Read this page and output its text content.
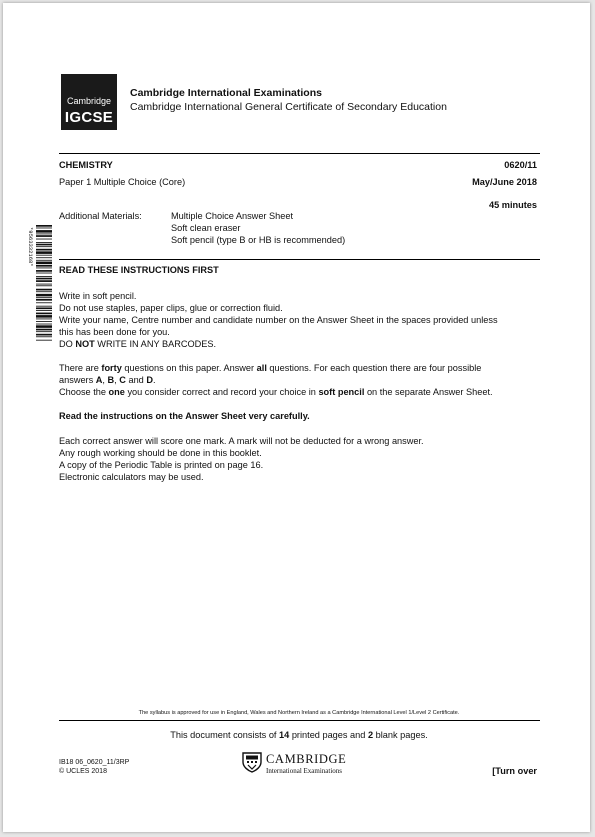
Cambridge
IGCSE
Cambridge International Examinations
Cambridge International General Certificate of Secondary Education
CHEMISTRY	0620/11
Paper 1 Multiple Choice (Core)	May/June 2018
45 minutes
Additional Materials:	Multiple Choice Answer Sheet
Soft clean eraser
Soft pencil (type B or HB is recommended)
*9563332168*
READ THESE INSTRUCTIONS FIRST
Write in soft pencil.
Do not use staples, paper clips, glue or correction fluid.
Write your name, Centre number and candidate number on the Answer Sheet in the spaces provided unless
this has been done for you.
DO NOT WRITE IN ANY BARCODES.
There are forty questions on this paper. Answer all questions. For each question there are four possible
answers A, B, C and D.
Choose the one you consider correct and record your choice in soft pencil on the separate Answer Sheet.
Read the instructions on the Answer Sheet very carefully.
Each correct answer will score one mark. A mark will not be deducted for a wrong answer.
Any rough working should be done in this booklet.
A copy of the Periodic Table is printed on page 16.
Electronic calculators may be used.
The syllabus is approved for use in England, Wales and Northern Ireland as a Cambridge International Level 1/Level 2 Certificate.
This document consists of 14 printed pages and 2 blank pages.
IB18 06_0620_11/3RP
© UCLES 2018
CAMBRIDGE
International Examinations	[Turn over
